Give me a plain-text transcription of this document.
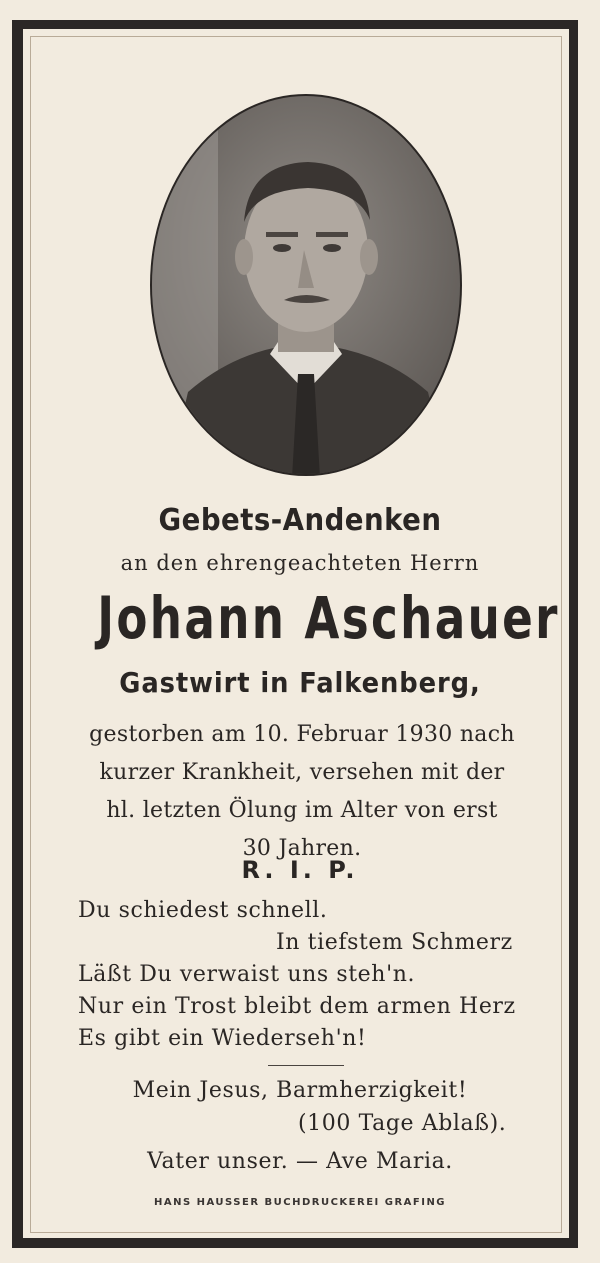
Gebets-Andenken
an den ehrengeachteten Herrn
Johann Aschauer
Gastwirt in Falkenberg,
gestorben am 10. Februar 1930 nach
kurzer Krankheit, versehen mit der
hl. letzten Ölung im Alter von erst
30 Jahren.
R. I. P.
Du schiedest schnell.
In tiefstem Schmerz
Läßt Du verwaist uns steh'n.
Nur ein Trost bleibt dem armen Herz
Es gibt ein Wiederseh'n!
Mein Jesus, Barmherzigkeit!
(100 Tage Ablaß).
Vater unser. — Ave Maria.
HANS HAUSSER BUCHDRUCKEREI GRAFING
